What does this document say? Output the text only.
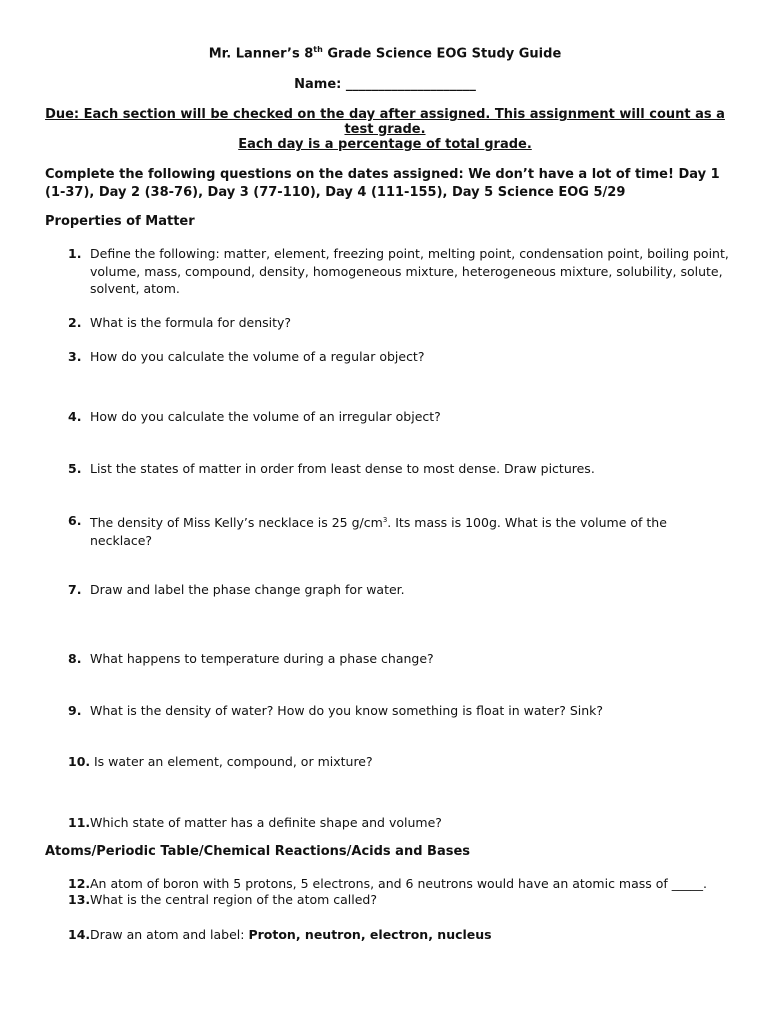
Mr. Lanner’s 8th Grade Science EOG Study Guide
Name: ____________________
Due: Each section will be checked on the day after assigned. This assignment will count as a test grade.
Each day is a percentage of total grade.
Complete the following questions on the dates assigned: We don’t have a lot of time! Day 1 (1-37), Day 2 (38-76), Day 3 (77-110), Day 4 (111-155), Day 5 Science EOG 5/29
Properties of Matter
1. Define the following: matter, element, freezing point, melting point, condensation point, boiling point, volume, mass, compound, density, homogeneous mixture, heterogeneous mixture, solubility, solute, solvent, atom.
2. What is the formula for density?
3. How do you calculate the volume of a regular object?
4. How do you calculate the volume of an irregular object?
5. List the states of matter in order from least dense to most dense. Draw pictures.
6. The density of Miss Kelly’s necklace is 25 $g/cm^3$. Its mass is 100g. What is the volume of the necklace?
7. Draw and label the phase change graph for water.
8. What happens to temperature during a phase change?
9. What is the density of water? How do you know something is float in water? Sink?
10. Is water an element, compound, or mixture?
11. Which state of matter has a definite shape and volume?
Atoms/Periodic Table/Chemical Reactions/Acids and Bases
12. An atom of boron with 5 protons, 5 electrons, and 6 neutrons would have an atomic mass of _____.
13. What is the central region of the atom called?
14. Draw an atom and label: Proton, neutron, electron, nucleus
